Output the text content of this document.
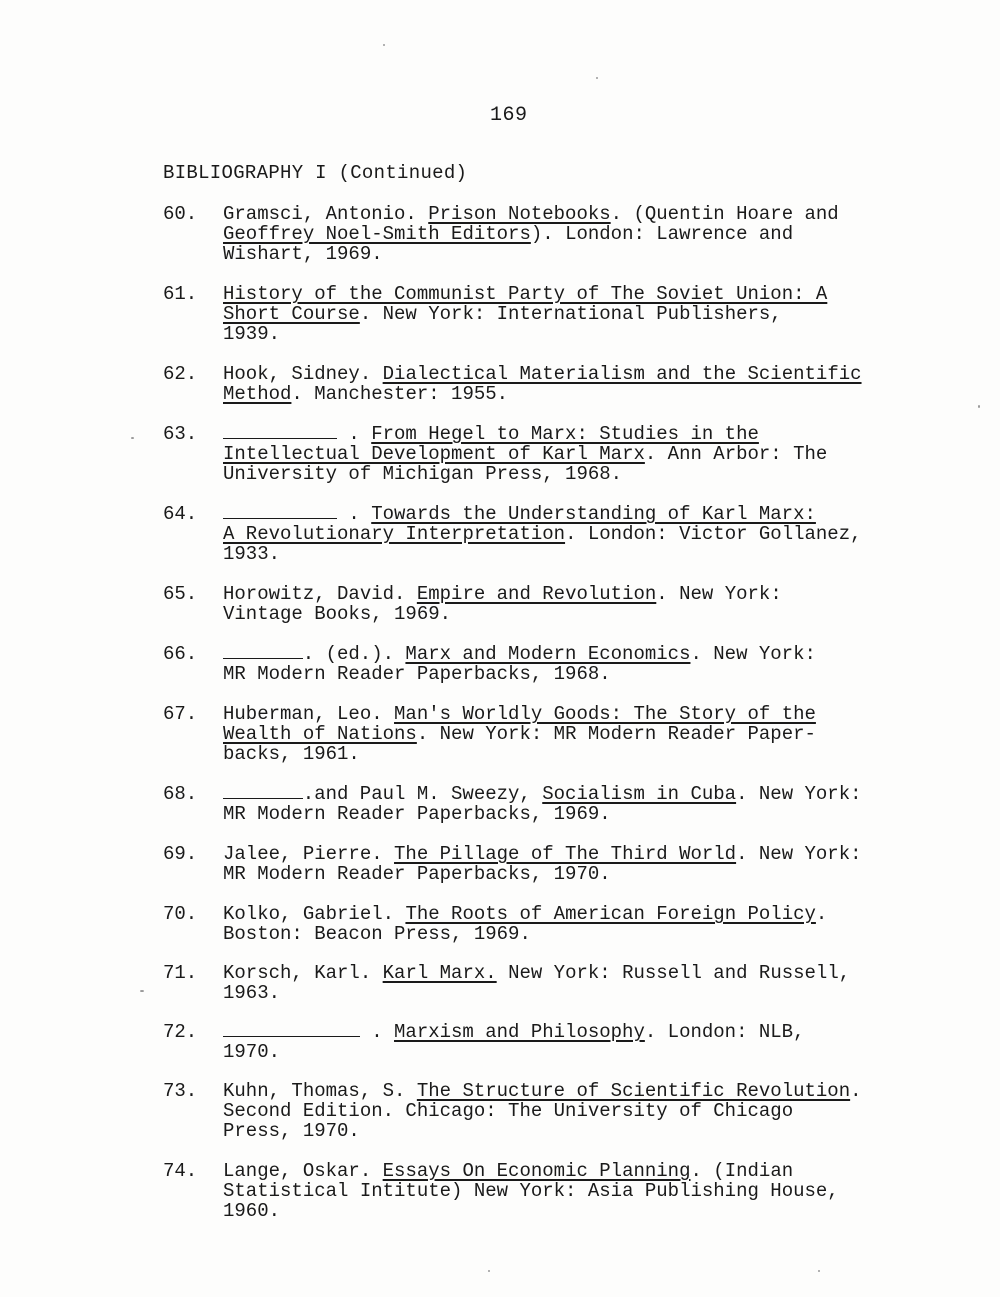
169
BIBLIOGRAPHY I (Continued)
60. Gramsci, Antonio. Prison Notebooks. (Quentin Hoare and
Geoffrey Noel-Smith Editors). London: Lawrence and
Wishart, 1969.
61. History of the Communist Party of The Soviet Union: A
Short Course. New York: International Publishers,
1939.
62. Hook, Sidney. Dialectical Materialism and the Scientific
Method. Manchester: 1955.
63.	. From Hegel to Marx: Studies in the
Intellectual Development of Karl Marx. Ann Arbor: The
University of Michigan Press, 1968.
64.	. Towards the Understanding of Karl Marx:
A Revolutionary Interpretation. London: Victor Gollanez,
1933.
65. Horowitz, David. Empire and Revolution. New York:
Vintage Books, 1969.
66.	. (ed.). Marx and Modern Economics. New York:
MR Modern Reader Paperbacks, 1968.
67. Huberman, Leo. Man's Worldly Goods: The Story of the
Wealth of Nations. New York: MR Modern Reader Paper-
backs, 1961.
68.	.and Paul M. Sweezy, Socialism in Cuba. New York:
MR Modern Reader Paperbacks, 1969.
69. Jalee, Pierre. The Pillage of The Third World. New York:
MR Modern Reader Paperbacks, 1970.
70. Kolko, Gabriel. The Roots of American Foreign Policy.
Boston: Beacon Press, 1969.
71. Korsch, Karl. Karl Marx. New York: Russell and Russell,
1963.
72.	. Marxism and Philosophy. London: NLB,
1970.
73. Kuhn, Thomas, S. The Structure of Scientific Revolution.
Second Edition. Chicago: The University of Chicago
Press, 1970.
74. Lange, Oskar. Essays On Economic Planning. (Indian
Statistical Intitute) New York: Asia Publishing House,
1960.
